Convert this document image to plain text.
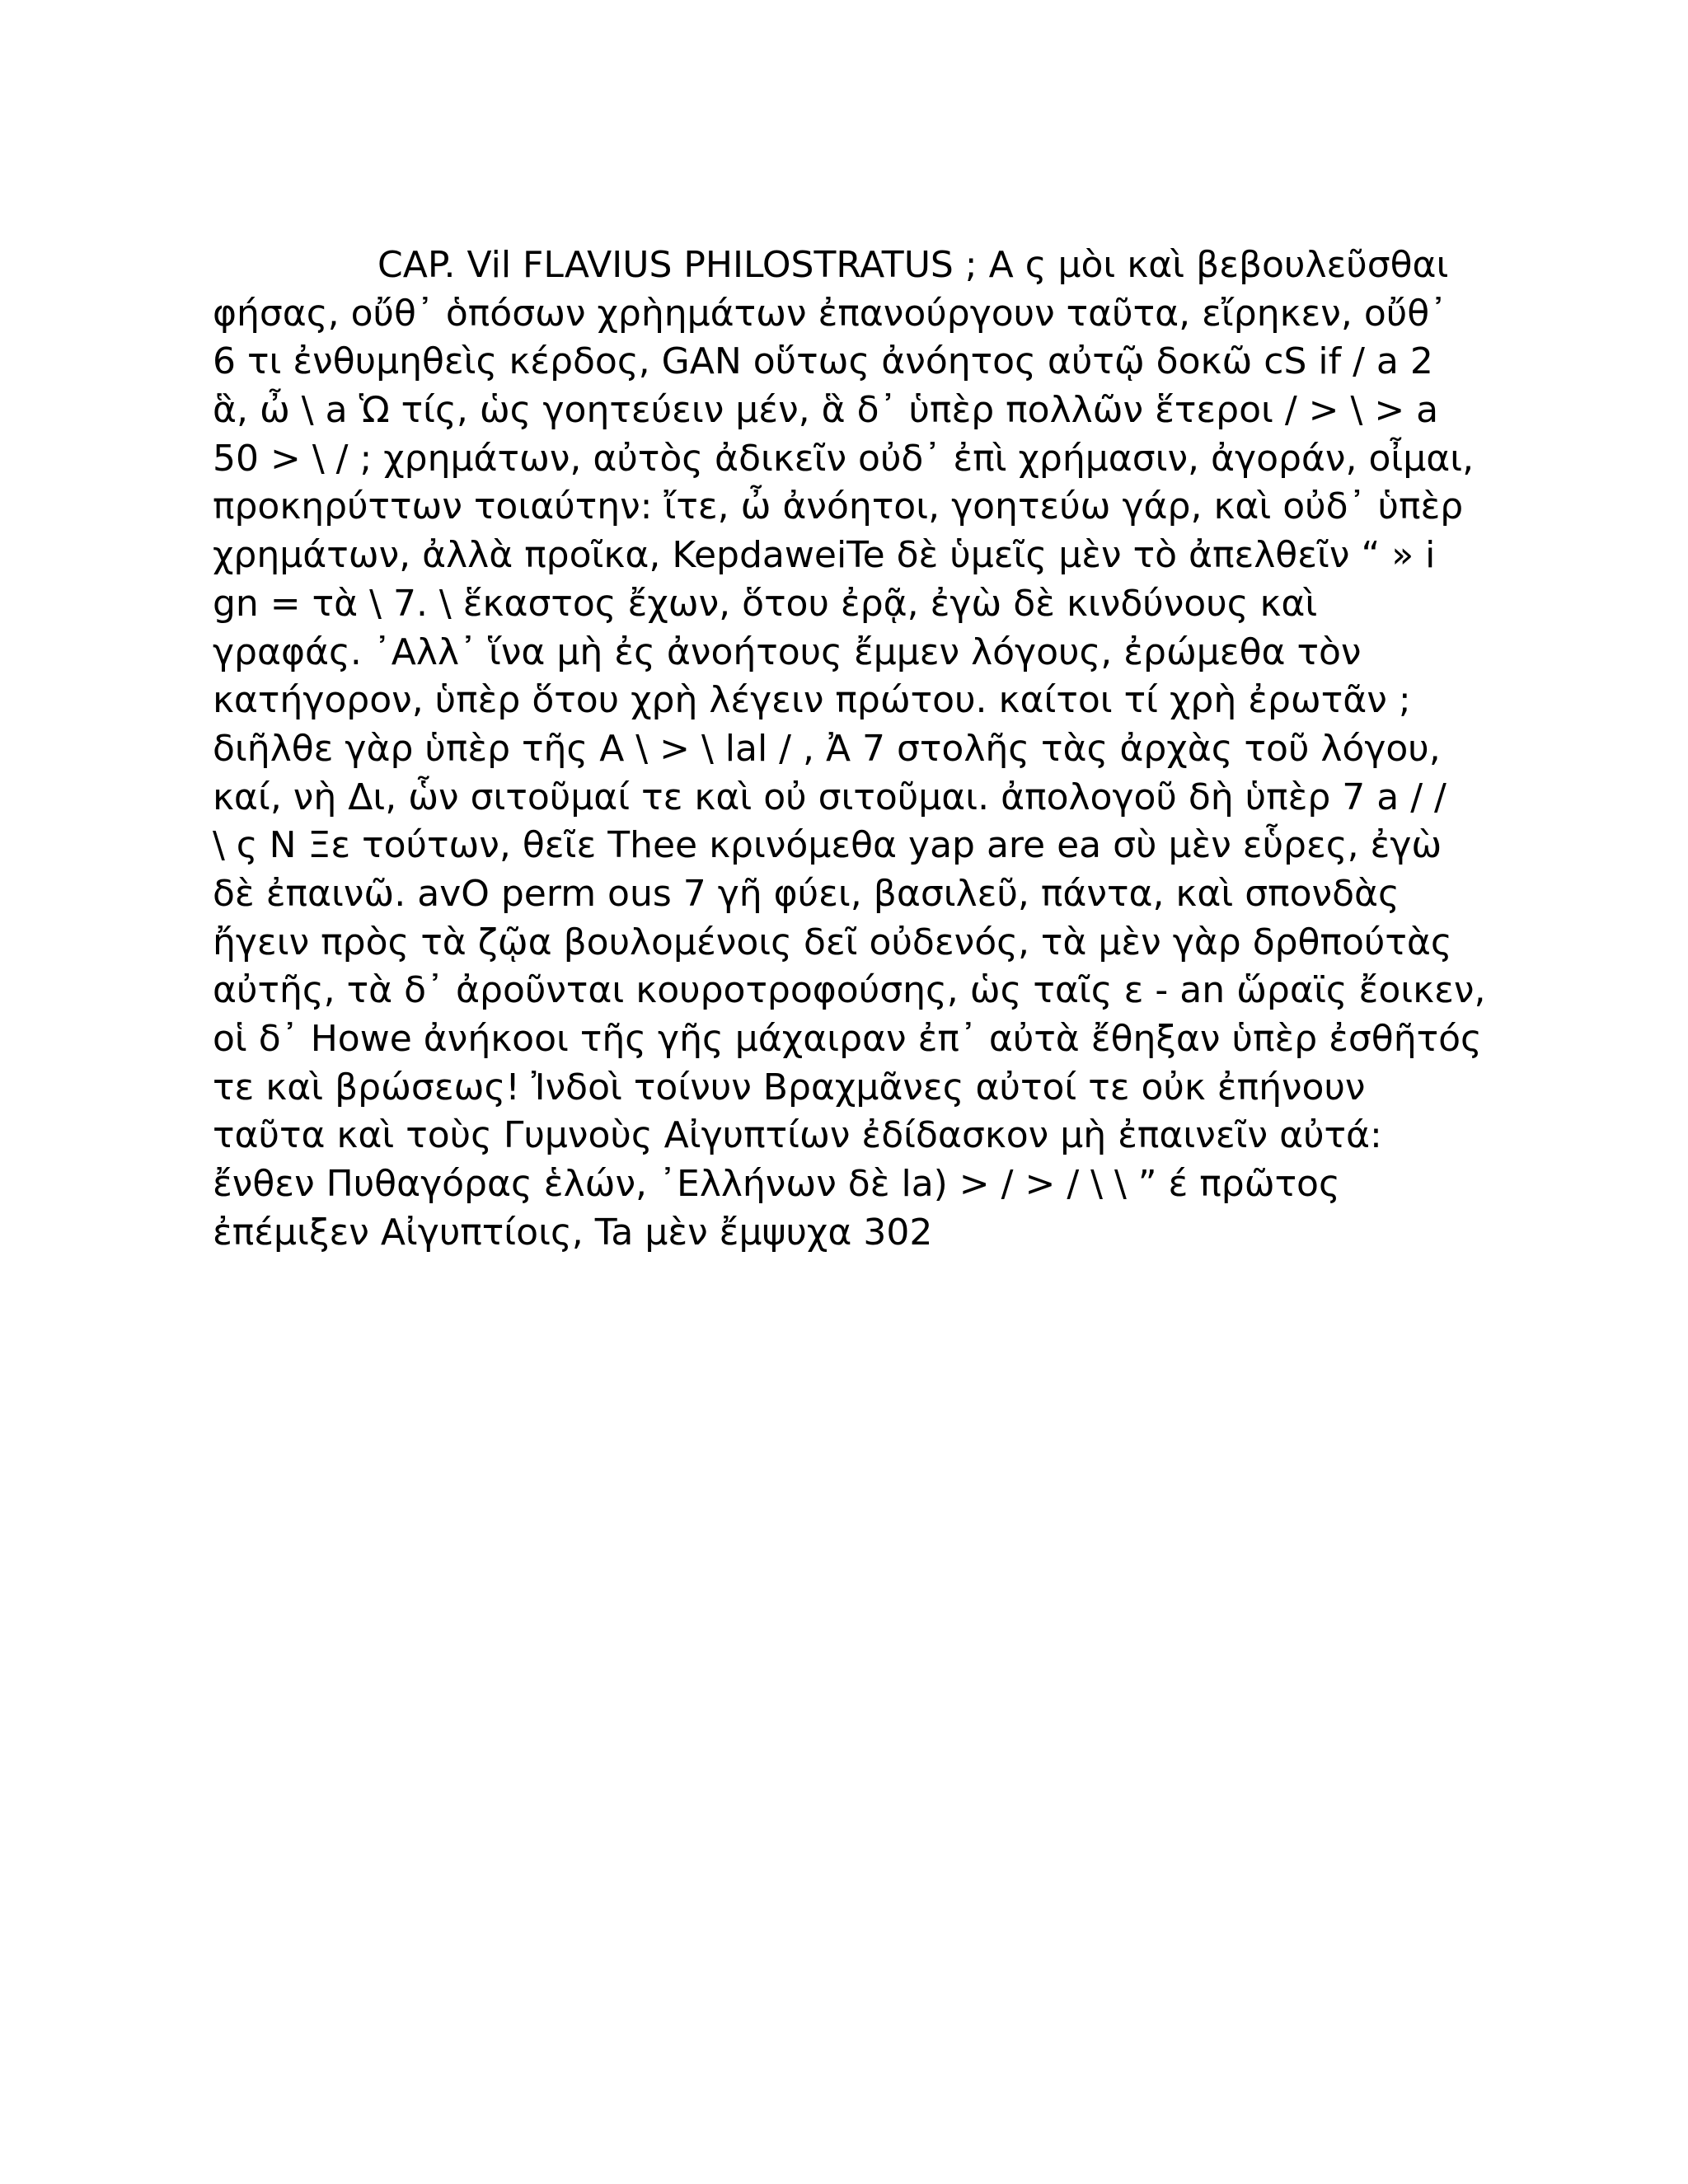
CAP. Vil FLAVIUS PHILOSTRATUS ; A ς μὸι καὶ βεβουλεῦσθαι
φήσας, οὔθ᾽ ὁπόσων χρὴημάτων ἐπανούργουν ταῦτα, εἴρηκεν, οὔθ᾽
6 τι ἐνθυμηθεὶς κέρδος, GAN οὕτως ἀνόητος αὐτῷ δοκῶ cS if / a 2
ἃ, ὦ \ a Ὡ τίς, ὡς γοητεύειν μέν, ἃ δ᾽ ὑπὲρ πολλῶν ἕτεροι / > \ > a
50 > \ / ; χρημάτων, αὐτὸς ἀδικεῖν οὐδ᾽ ἐπὶ χρήμασιν, ἀγοράν, οἶμαι,
προκηρύττων τοιαύτην: ἴτε, ὦ ἀνόητοι, γοητεύω γάρ, καὶ οὐδ᾽ ὑπὲρ
χρημάτων, ἀλλὰ προῖκα, KepdaweiTe δὲ ὑμεῖς μὲν τὸ ἀπελθεῖν “ » i
gn = τὰ \ 7. \ ἕκαστος ἔχων, ὅτου ἐρᾷ, ἐγὼ δὲ κινδύνους καὶ
γραφάς. ᾽Αλλ᾽ ἵνα μὴ ἐς ἀνοήτους ἔμμεν λόγους, ἐρώμεθα τὸν
κατήγορον, ὑπὲρ ὅτου χρὴ λέγειν πρώτου. καίτοι τί χρὴ ἐρωτᾶν ;
διῆλθε γὰρ ὑπὲρ τῆς A \ > \ lal / , Ἀ 7 στολῆς τὰς ἀρχὰς τοῦ λόγου,
καί, νὴ Δι, ὧν σιτοῦμαί τε καὶ οὐ σιτοῦμαι. ἀπολογοῦ δὴ ὑπὲρ 7 a / /
\ ς N Ξε τούτων, θεῖε Thee κρινόμεθα yap are ea σὺ μὲν εὗρες, ἐγὼ
δὲ ἐπαινῶ. avO perm ous 7 γῆ φύει, βασιλεῦ, πάντα, καὶ σπονδὰς
ἤγειν πρὸς τὰ ζῷα βουλομένοις δεῖ οὐδενός, τὰ μὲν γὰρ δρθπούτὰς
αὐτῆς, τὰ δ᾽ ἀροῦνται κουροτροφούσης, ὡς ταῖς ε - an ὥραϊς ἔοικεν,
οἱ δ᾽ Howe ἀνήκοοι τῆς γῆς μάχαιραν ἐπ᾽ αὐτὰ ἔθηξαν ὑπὲρ ἐσθῆτός
τε καὶ βρώσεως! Ἰνδοὶ τοίνυν Βραχμᾶνες αὐτοί τε οὐκ ἐπήνουν
ταῦτα καὶ τοὺς Γυμνοὺς Αἰγυπτίων ἐδίδασκον μὴ ἐπαινεῖν αὐτά:
ἔνθεν Πυθαγόρας ἑλών, ᾽Ελλήνων δὲ la) > / > / \ \ ” έ πρῶτος
ἐπέμιξεν Αἰγυπτίοις, Ta μὲν ἔμψυχα 302
